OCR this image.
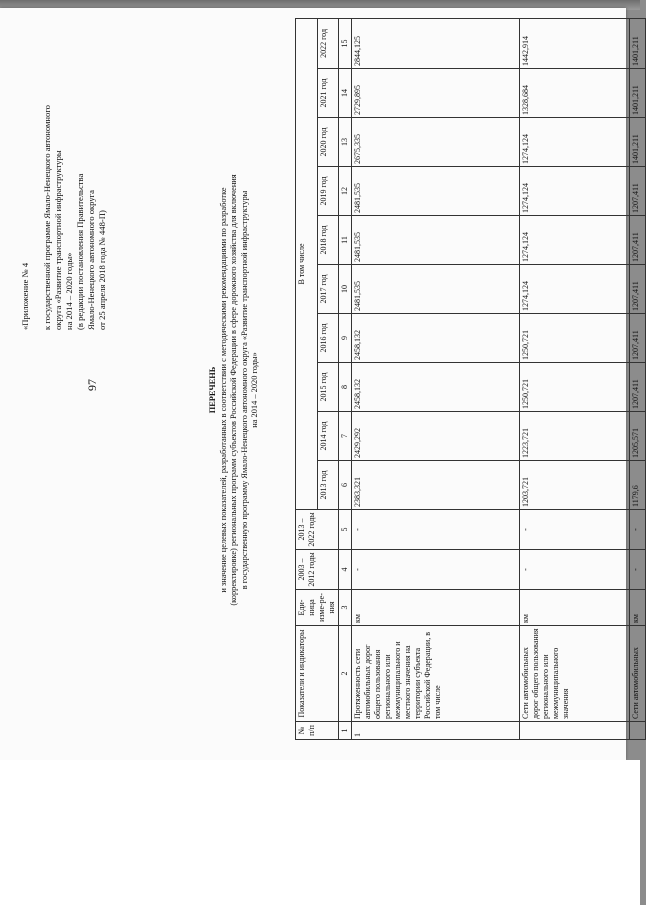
97

«Приложение № 4 к государственной программе Ямало-Ненецкого автономного округа «Развитие транспортной инфраструктуры на 2014 – 2020 годы» (в редакции постановления Правительства Ямало-Ненецкого автономного округа от 25 апреля 2018 года № 448-П)
ПЕРЕЧЕНЬ и значение целевых показателей, разработанных в соответствии с методическими рекомендациями по разработке (корректировке) региональных программ субъектов Российской Федерации в сфере дорожного хозяйства для включения в государственную программу Ямало-Ненецкого автономного округа «Развитие транспортной инфраструктуры на 2014 – 2020 годы»
№ п/п	Показатели и индикаторы	Еди-ница изме-ре-ния	2003 – 2012 годы	2013 – 2022 годы	В том числе									
					2013 год	2014 год	2015 год	2016 год	2017 год	2018 год	2019 год	2020 год	2021 год	2022 год
1	2	3	4	5	6	7	8	9	10	11	12	13	14	15
1	Протяженность сети автомобильных дорог общего пользования регионального или межмуниципального и местного значения на территории субъекта Российской Федерации, в том числе	км	-	-	2383,321	2429,292	2458,132	2458,132	2481,535	2481,535	2481,535	2675,335	2729,895	2844,125
	Сети автомобильных дорог общего пользования регионального или межмуниципального значения	км	-	-	1203,721	1223,721	1250,721	1250,721	1274,124	1274,124	1274,124	1274,124	1328,684	1442,914
	Сети автомобильных	км	-	-	1179,6	1205,571	1207,411	1207,411	1207,411	1207,411	1207,411	1401,211	1401,211	1401,211
